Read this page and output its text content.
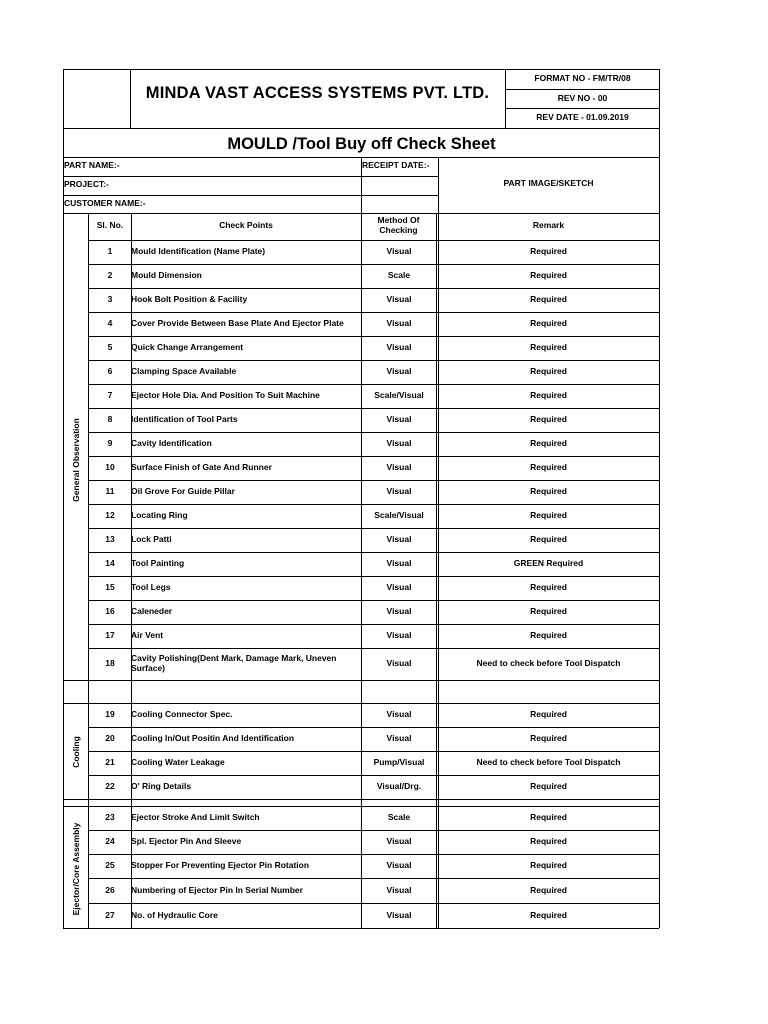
MINDA VAST ACCESS SYSTEMS PVT. LTD.
FORMAT NO - FM/TR/08
REV NO - 00
REV DATE - 01.09.2019
MOULD /Tool Buy off Check Sheet
PART NAME:-	RECEIPT DATE:-
PROJECT:-
CUSTOMER NAME:-
PART IMAGE/SKETCH
Sl. No.	Check Points	Method Of Checking	Remark
General Observation
Cooling
Ejector/Core Assembly
1	Mould Identification (Name Plate)	Visual	Required
2	Mould Dimension	Scale	Required
3	Hook Bolt Position & Facility	Visual	Required
4	Cover Provide Between Base Plate And Ejector Plate	Visual	Required
5	Quick Change Arrangement	Visual	Required
6	Clamping Space Available	Visual	Required
7	Ejector Hole Dia. And Position To Suit Machine	Scale/Visual	Required
8	Identification of Tool Parts	Visual	Required
9	Cavity Identification	Visual	Required
10	Surface Finish of Gate And Runner	Visual	Required
11	Oil Grove For Guide Pillar	Visual	Required
12	Locating Ring	Scale/Visual	Required
13	Lock Patti	Visual	Required
14	Tool Painting	Visual	GREEN Required
15	Tool Legs	Visual	Required
16	Caleneder	Visual	Required
17	Air Vent	Visual	Required
18	Cavity Polishing(Dent Mark, Damage Mark, Uneven Surface)	Visual	Need to check before Tool Dispatch
19	Cooling Connector Spec.	Visual	Required
20	Cooling In/Out Positin And Identification	Visual	Required
21	Cooling Water Leakage	Pump/Visual	Need to check before Tool Dispatch
22	O' Ring Details	Visual/Drg.	Required
23	Ejector Stroke And Limit Switch	Scale	Required
24	Spl. Ejector Pin And Sleeve	Visual	Required
25	Stopper For Preventing Ejector Pin Rotation	Visual	Required
26	Numbering of Ejector Pin In Serial Number	Visual	Required
27	No. of Hydraulic Core	Visual	Required
